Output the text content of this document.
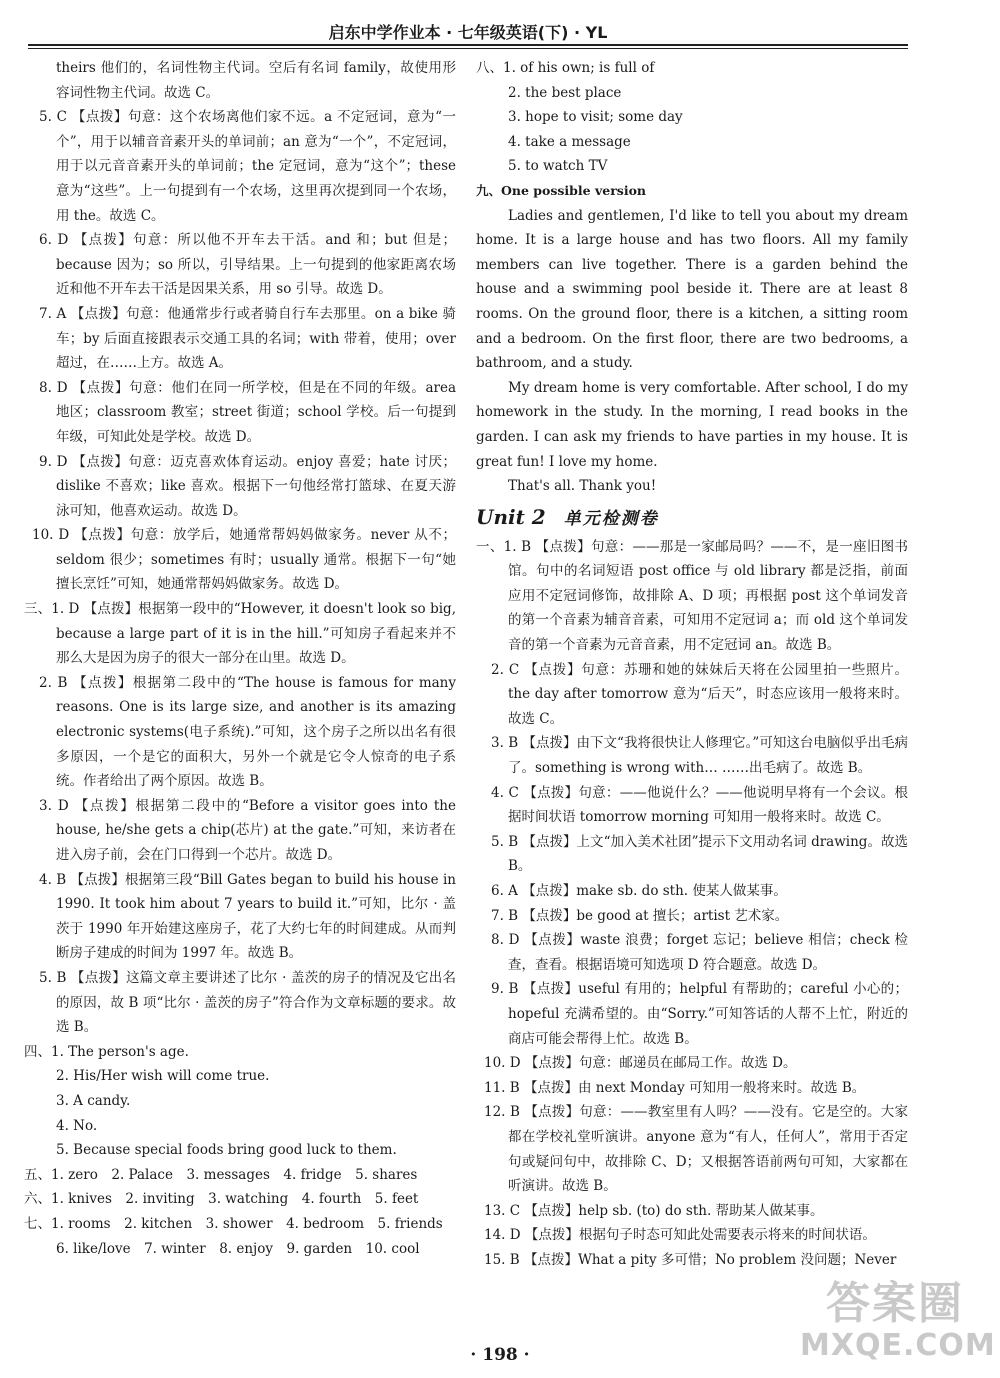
启东中学作业本 · 七年级英语(下) · YL

theirs 他们的，名词性物主代词。空后有名词 family，故使用形容词性物主代词。故选 C。

5. C 【点拨】句意：这个农场离他们家不远。a 不定冠词，意为“一个”，用于以辅音音素开头的单词前；an 意为“一个”，不定冠词，用于以元音音素开头的单词前；the 定冠词，意为“这个”；these 意为“这些”。上一句提到有一个农场，这里再次提到同一个农场，用 the。故选 C。

6. D 【点拨】句意：所以他不开车去干活。and 和；but 但是；because 因为；so 所以，引导结果。上一句提到的他家距离农场近和他不开车去干活是因果关系，用 so 引导。故选 D。

7. A 【点拨】句意：他通常步行或者骑自行车去那里。on a bike 骑车；by 后面直接跟表示交通工具的名词；with 带着，使用；over 超过，在……上方。故选 A。

8. D 【点拨】句意：他们在同一所学校，但是在不同的年级。area 地区；classroom 教室；street 街道；school 学校。后一句提到年级，可知此处是学校。故选 D。

9. D 【点拨】句意：迈克喜欢体育运动。enjoy 喜爱；hate 讨厌；dislike 不喜欢；like 喜欢。根据下一句他经常打篮球、在夏天游泳可知，他喜欢运动。故选 D。

10. D 【点拨】句意：放学后，她通常帮妈妈做家务。never 从不；seldom 很少；sometimes 有时；usually 通常。根据下一句“她擅长烹饪”可知，她通常帮妈妈做家务。故选 D。

三、1. D 【点拨】根据第一段中的“However, it doesn't look so big, because a large part of it is in the hill.”可知房子看起来并不那么大是因为房子的很大一部分在山里。故选 D。

2. B 【点拨】根据第二段中的“The house is famous for many reasons. One is its large size, and another is its amazing electronic systems(电子系统).”可知，这个房子之所以出名有很多原因，一个是它的面积大，另外一个就是它令人惊奇的电子系统。作者给出了两个原因。故选 B。

3. D 【点拨】根据第二段中的“Before a visitor goes into the house, he/she gets a chip(芯片) at the gate.”可知，来访者在进入房子前，会在门口得到一个芯片。故选 D。

4. B 【点拨】根据第三段“Bill Gates began to build his house in 1990. It took him about 7 years to build it.”可知，比尔 · 盖茨于 1990 年开始建这座房子，花了大约七年的时间建成。从而判断房子建成的时间为 1997 年。故选 B。

5. B 【点拨】这篇文章主要讲述了比尔 · 盖茨的房子的情况及它出名的原因，故 B 项“比尔 · 盖茨的房子”符合作为文章标题的要求。故选 B。

四、1. The person's age.

2. His/Her wish will come true.

3. A candy.

4. No.

5. Because special foods bring good luck to them.

五、1. zero　2. Palace　3. messages　4. fridge　5. shares

六、1. knives　2. inviting　3. watching　4. fourth　5. feet

七、1. rooms　2. kitchen　3. shower　4. bedroom　5. friends

6. like/love　7. winter　8. enjoy　9. garden　10. cool

八、1. of his own; is full of

2. the best place

3. hope to visit; some day

4. take a message

5. to watch TV

九、One possible version

Ladies and gentlemen, I'd like to tell you about my dream home. It is a large house and has two floors. All my family members can live together. There is a garden behind the house and a swimming pool beside it. There are at least 8 rooms. On the ground floor, there is a kitchen, a sitting room and a bedroom. On the first floor, there are two bedrooms, a bathroom, and a study.

My dream home is very comfortable. After school, I do my homework in the study. In the morning, I read books in the garden. I can ask my friends to have parties in my house. It is great fun! I love my home.

That's all. Thank you!

Unit 2 单元检测卷

一、1. B 【点拨】句意：——那是一家邮局吗？——不，是一座旧图书馆。句中的名词短语 post office 与 old library 都是泛指，前面应用不定冠词修饰，故排除 A、D 项；再根据 post 这个单词发音的第一个音素为辅音音素，可知用不定冠词 a；而 old 这个单词发音的第一个音素为元音音素，用不定冠词 an。故选 B。

2. C 【点拨】句意：苏珊和她的妹妹后天将在公园里拍一些照片。the day after tomorrow 意为“后天”，时态应该用一般将来时。故选 C。

3. B 【点拨】由下文“我将很快让人修理它。”可知这台电脑似乎出毛病了。something is wrong with… ……出毛病了。故选 B。

4. C 【点拨】句意：——他说什么？——他说明早将有一个会议。根据时间状语 tomorrow morning 可知用一般将来时。故选 C。

5. B 【点拨】上文“加入美术社团”提示下文用动名词 drawing。故选 B。

6. A 【点拨】make sb. do sth. 使某人做某事。

7. B 【点拨】be good at 擅长；artist 艺术家。

8. D 【点拨】waste 浪费；forget 忘记；believe 相信；check 检查，查看。根据语境可知选项 D 符合题意。故选 D。

9. B 【点拨】useful 有用的；helpful 有帮助的；careful 小心的；hopeful 充满希望的。由“Sorry.”可知答话的人帮不上忙，附近的商店可能会帮得上忙。故选 B。

10. D 【点拨】句意：邮递员在邮局工作。故选 D。

11. B 【点拨】由 next Monday 可知用一般将来时。故选 B。

12. B 【点拨】句意：——教室里有人吗？——没有。它是空的。大家都在学校礼堂听演讲。anyone 意为“有人，任何人”，常用于否定句或疑问句中，故排除 C、D；又根据答语前两句可知，大家都在听演讲。故选 B。

13. C 【点拨】help sb. (to) do sth. 帮助某人做某事。

14. D 【点拨】根据句子时态可知此处需要表示将来的时间状语。

15. B 【点拨】What a pity 多可惜；No problem 没问题；Never

· 198 ·
答案圈
MXQE.COM
